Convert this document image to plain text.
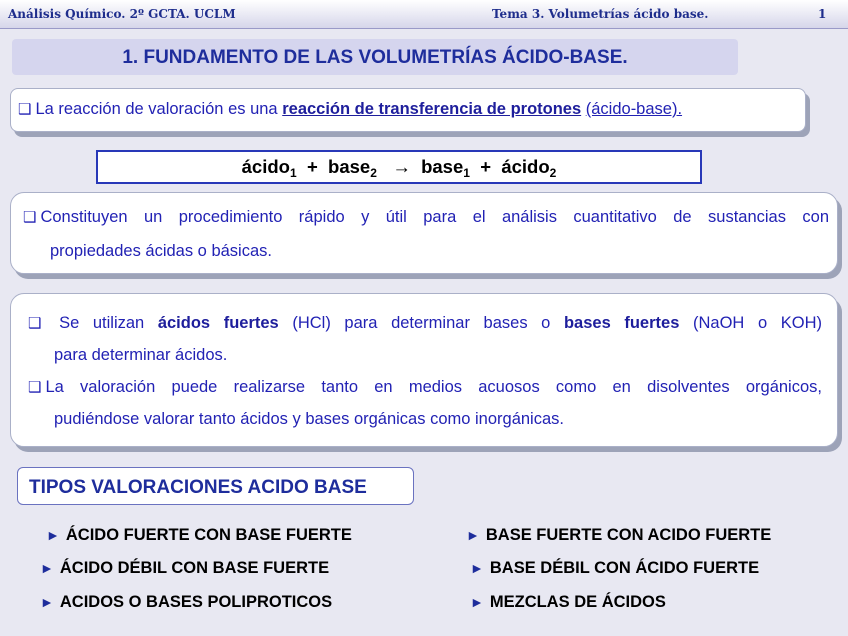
Análisis Químico. 2º GCTA. UCLM	Tema 3. Volumetrías ácido base.	1
1. FUNDAMENTO DE LAS VOLUMETRÍAS ÁCIDO-BASE.
❑ La reacción de valoración es una reacción de transferencia de protones (ácido-base).
ácido$_1$ + base$_2$ → base$_1$ + ácido$_2$
❑ Constituyen un procedimiento rápido y útil para el análisis cuantitativo de sustancias con
propiedades ácidas o básicas.
❑ Se utilizan ácidos fuertes (HCl) para determinar bases o bases fuertes (NaOH o KOH)
para determinar ácidos.
❑ La valoración puede realizarse tanto en medios acuosos como en disolventes orgánicos,
pudiéndose valorar tanto ácidos y bases orgánicas como inorgánicas.
TIPOS VALORACIONES ACIDO BASE
► ÁCIDO FUERTE CON BASE FUERTE	► BASE FUERTE CON ACIDO FUERTE
► ÁCIDO DÉBIL CON BASE FUERTE	► BASE DÉBIL CON ÁCIDO FUERTE
► ACIDOS O BASES POLIPROTICOS	► MEZCLAS DE ÁCIDOS
